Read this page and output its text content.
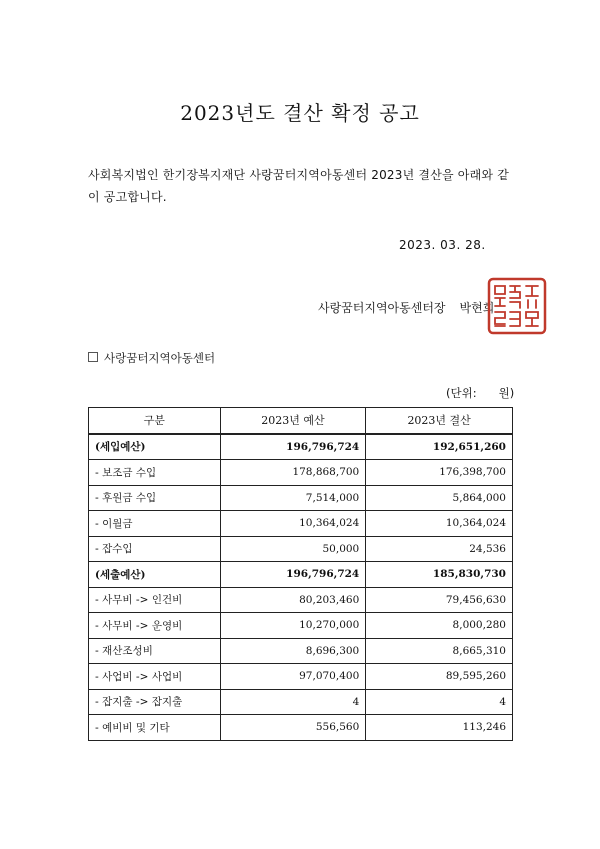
2023년도 결산 확정 공고
사회복지법인 한기장복지재단 사랑꿈터지역아동센터 2023년 결산을 아래와 같이 공고합니다.
2023. 03. 28.
사랑꿈터지역아동센터장 박현희
사랑꿈터지역아동센터
(단위: 원)
구분	2023년 예산	2023년 결산
(세입예산)	196,796,724	192,651,260
- 보조금 수입	178,868,700	176,398,700
- 후원금 수입	7,514,000	5,864,000
- 이월금	10,364,024	10,364,024
- 잡수입	50,000	24,536
(세출예산)	196,796,724	185,830,730
- 사무비 -> 인건비	80,203,460	79,456,630
- 사무비 -> 운영비	10,270,000	8,000,280
- 재산조성비	8,696,300	8,665,310
- 사업비 -> 사업비	97,070,400	89,595,260
- 잡지출 -> 잡지출	4	4
- 예비비 및 기타	556,560	113,246
